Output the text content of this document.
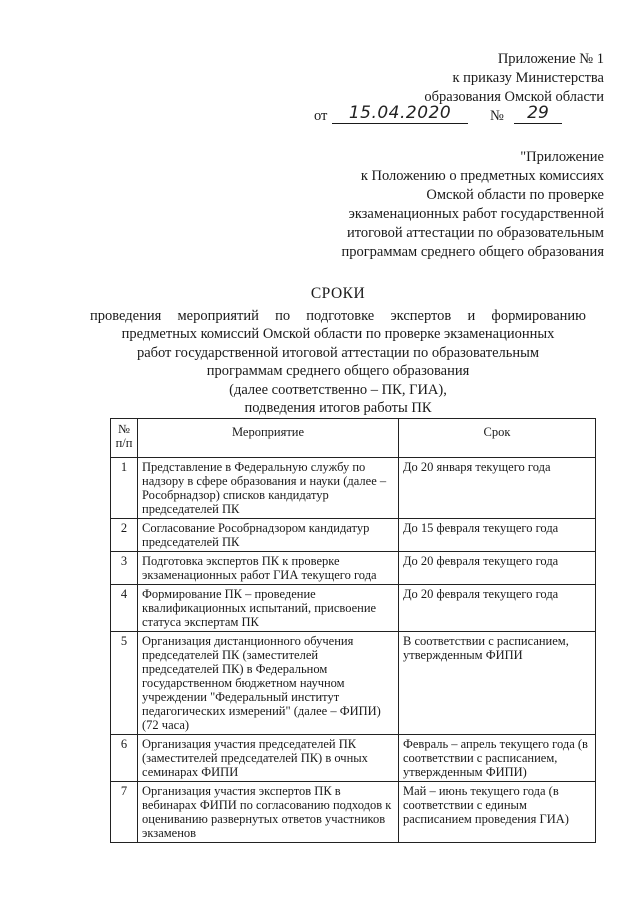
Приложение № 1
к приказу Министерства
образования Омской области
от	15.04.2020	№	29
"Приложение
к Положению о предметных комиссиях
Омской области по проверке
экзаменационных работ государственной
итоговой аттестации по образовательным
программам среднего общего образования
СРОКИ
проведения мероприятий по подготовке экспертов и формированию
предметных комиссий Омской области по проверке экзаменационных
работ государственной итоговой аттестации по образовательным
программам среднего общего образования
(далее соответственно – ПК, ГИА),
подведения итогов работы ПК
№ п/п	Мероприятие	Срок
1	Представление в Федеральную службу по надзору в сфере образования и науки (далее – Рособрнадзор) списков кандидатур председателей ПК	До 20 января текущего года
2	Согласование Рособрнадзором кандидатур председателей ПК	До 15 февраля текущего года
3	Подготовка экспертов ПК к проверке экзаменационных работ ГИА текущего года	До 20 февраля текущего года
4	Формирование ПК – проведение квалификационных испытаний, присвоение статуса экспертам ПК	До 20 февраля текущего года
5	Организация дистанционного обучения председателей ПК (заместителей председателей ПК) в Федеральном государственном бюджетном научном учреждении "Федеральный институт педагогических измерений" (далее – ФИПИ) (72 часа)	В соответствии с расписанием, утвержденным ФИПИ
6	Организация участия председателей ПК (заместителей председателей ПК) в очных семинарах ФИПИ	Февраль – апрель текущего года (в соответствии с расписанием, утвержденным ФИПИ)
7	Организация участия экспертов ПК в вебинарах ФИПИ по согласованию подходов к оцениванию развернутых ответов участников экзаменов	Май – июнь текущего года (в соответствии с единым расписанием проведения ГИА)
